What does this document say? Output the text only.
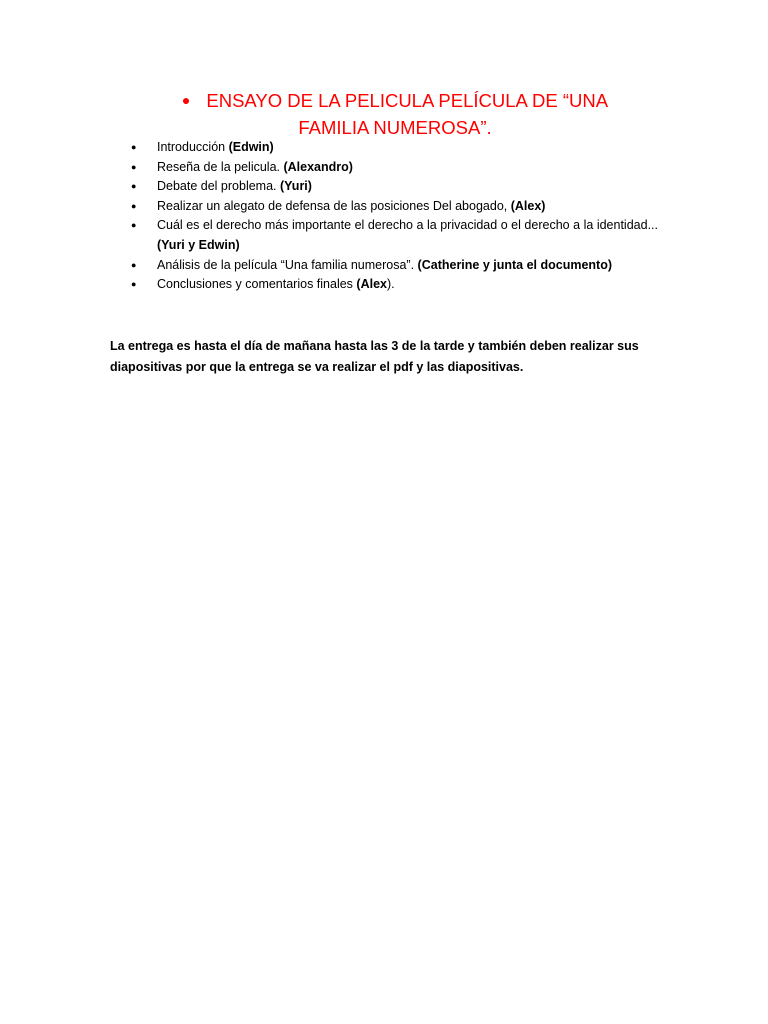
● ENSAYO DE LA PELICULA PELÍCULA DE “UNA FAMILIA NUMEROSA”.
● Introducción (Edwin)
● Reseña de la pelicula. (Alexandro)
● Debate del problema. (Yuri)
● Realizar un alegato de defensa de las posiciones Del abogado, (Alex)
● Cuál es el derecho más importante el derecho a la privacidad o el derecho a la identidad... (Yuri y Edwin)
● Análisis de la película “Una familia numerosa”. (Catherine y junta el documento)
● Conclusiones y comentarios finales (Alex).

La entrega es hasta el día de mañana hasta las 3 de la tarde y también deben realizar sus diapositivas por que la entrega se va realizar el pdf y las diapositivas.
